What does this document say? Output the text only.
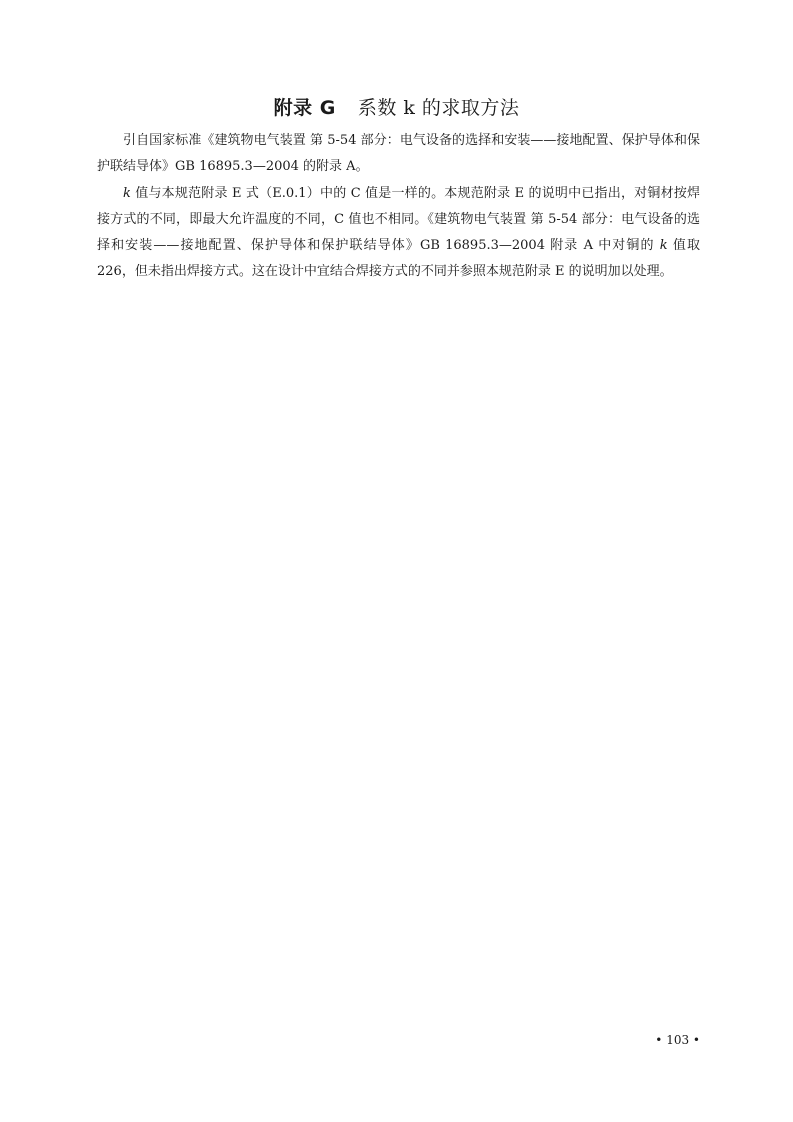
附录 G 系数 k 的求取方法
引自国家标准《建筑物电气装置 第 5-54 部分：电气设备的选择和安装——接地配置、保护导体和保护联结导体》GB 16895.3—2004 的附录 A。
k 值与本规范附录 E 式（E.0.1）中的 C 值是一样的。本规范附录 E 的说明中已指出，对铜材按焊接方式的不同，即最大允许温度的不同，C 值也不相同。《建筑物电气装置 第 5-54 部分：电气设备的选择和安装——接地配置、保护导体和保护联结导体》GB 16895.3—2004 附录 A 中对铜的 k 值取 226，但未指出焊接方式。这在设计中宜结合焊接方式的不同并参照本规范附录 E 的说明加以处理。
• 103 •
